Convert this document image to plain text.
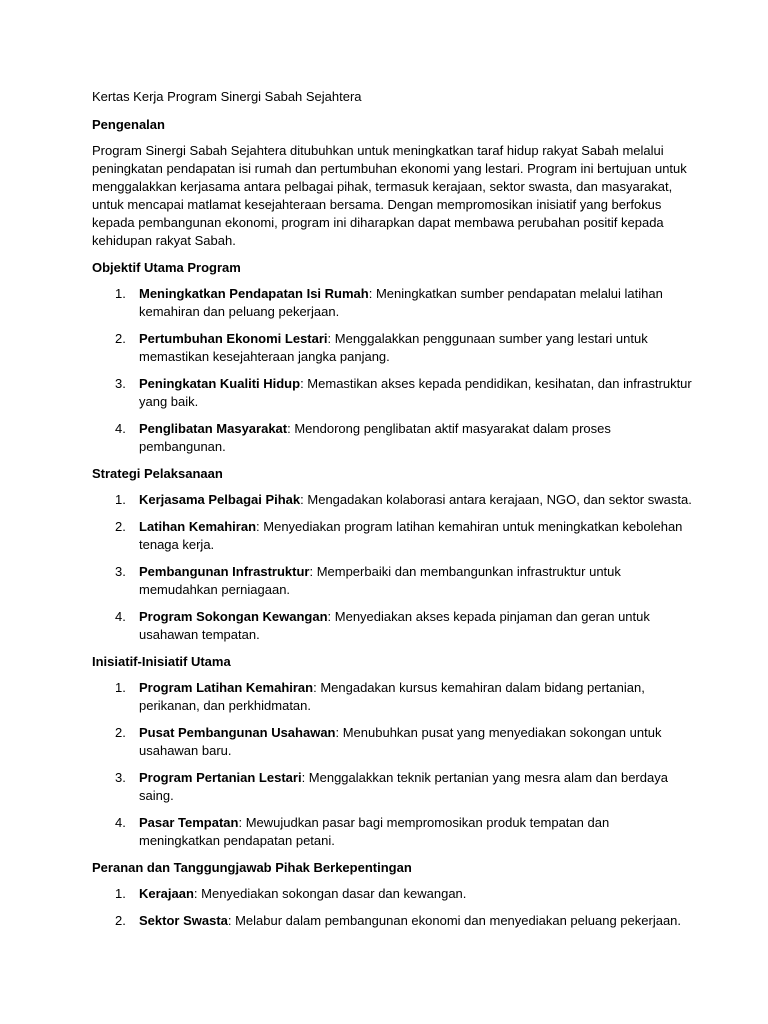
Kertas Kerja Program Sinergi Sabah Sejahtera

Pengenalan

Program Sinergi Sabah Sejahtera ditubuhkan untuk meningkatkan taraf hidup rakyat Sabah melalui peningkatan pendapatan isi rumah dan pertumbuhan ekonomi yang lestari. Program ini bertujuan untuk menggalakkan kerjasama antara pelbagai pihak, termasuk kerajaan, sektor swasta, dan masyarakat, untuk mencapai matlamat kesejahteraan bersama. Dengan mempromosikan inisiatif yang berfokus kepada pembangunan ekonomi, program ini diharapkan dapat membawa perubahan positif kepada kehidupan rakyat Sabah.

Objektif Utama Program

1. Meningkatkan Pendapatan Isi Rumah: Meningkatkan sumber pendapatan melalui latihan kemahiran dan peluang pekerjaan.
2. Pertumbuhan Ekonomi Lestari: Menggalakkan penggunaan sumber yang lestari untuk memastikan kesejahteraan jangka panjang.
3. Peningkatan Kualiti Hidup: Memastikan akses kepada pendidikan, kesihatan, dan infrastruktur yang baik.
4. Penglibatan Masyarakat: Mendorong penglibatan aktif masyarakat dalam proses pembangunan.

Strategi Pelaksanaan

1. Kerjasama Pelbagai Pihak: Mengadakan kolaborasi antara kerajaan, NGO, dan sektor swasta.
2. Latihan Kemahiran: Menyediakan program latihan kemahiran untuk meningkatkan kebolehan tenaga kerja.
3. Pembangunan Infrastruktur: Memperbaiki dan membangunkan infrastruktur untuk memudahkan perniagaan.
4. Program Sokongan Kewangan: Menyediakan akses kepada pinjaman dan geran untuk usahawan tempatan.

Inisiatif-Inisiatif Utama

1. Program Latihan Kemahiran: Mengadakan kursus kemahiran dalam bidang pertanian, perikanan, dan perkhidmatan.
2. Pusat Pembangunan Usahawan: Menubuhkan pusat yang menyediakan sokongan untuk usahawan baru.
3. Program Pertanian Lestari: Menggalakkan teknik pertanian yang mesra alam dan berdaya saing.
4. Pasar Tempatan: Mewujudkan pasar bagi mempromosikan produk tempatan dan meningkatkan pendapatan petani.

Peranan dan Tanggungjawab Pihak Berkepentingan

1. Kerajaan: Menyediakan sokongan dasar dan kewangan.
2. Sektor Swasta: Melabur dalam pembangunan ekonomi dan menyediakan peluang pekerjaan.
